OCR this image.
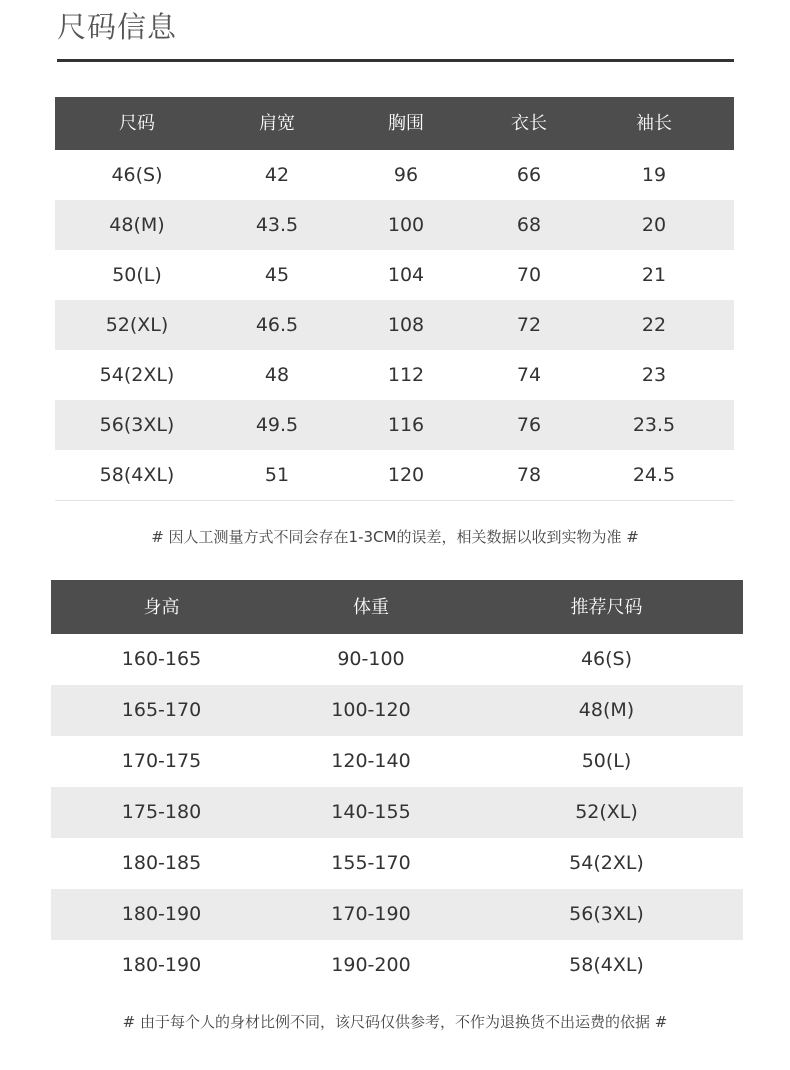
尺码信息
尺码	肩宽	胸围	衣长	袖长
46(S)	42	96	66	19
48(M)	43.5	100	68	20
50(L)	45	104	70	21
52(XL)	46.5	108	72	22
54(2XL)	48	112	74	23
56(3XL)	49.5	116	76	23.5
58(4XL)	51	120	78	24.5
# 因人工测量方式不同会存在1-3CM的误差，相关数据以收到实物为准 #
身高	体重	推荐尺码
160-165	90-100	46(S)
165-170	100-120	48(M)
170-175	120-140	50(L)
175-180	140-155	52(XL)
180-185	155-170	54(2XL)
180-190	170-190	56(3XL)
180-190	190-200	58(4XL)
# 由于每个人的身材比例不同，该尺码仅供参考，不作为退换货不出运费的依据 #
